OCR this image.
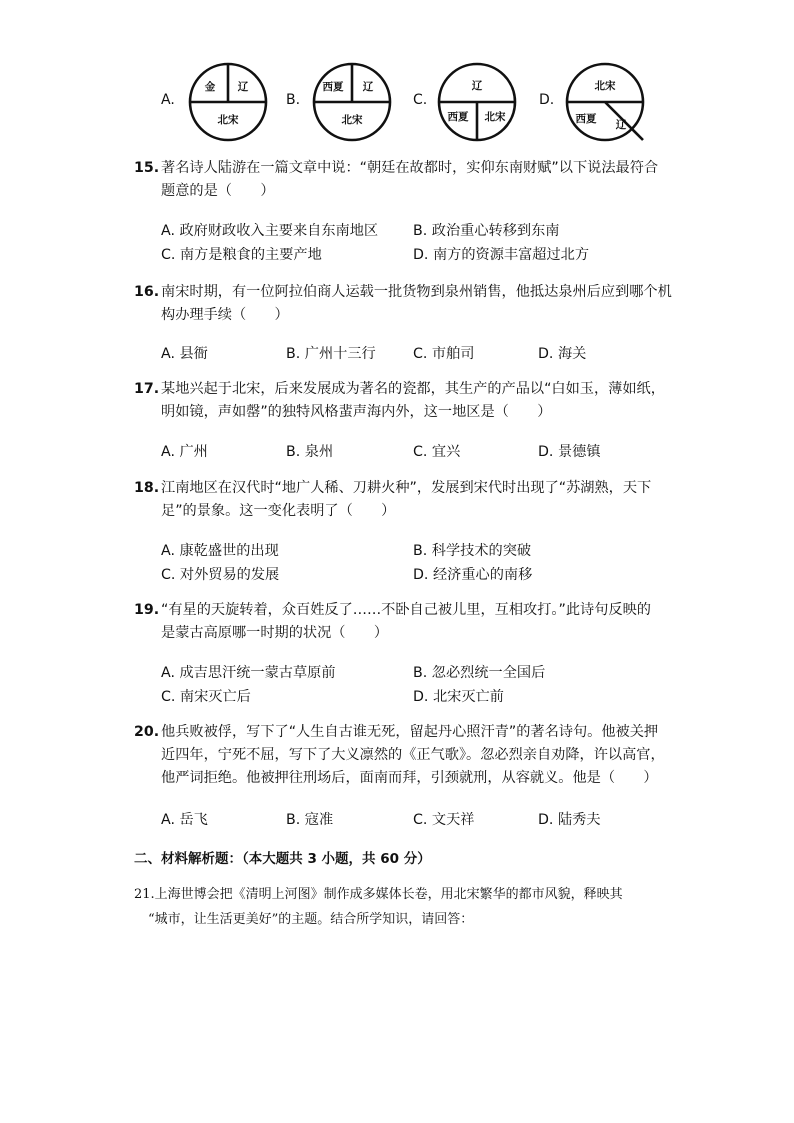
A.
金 辽
北宋
B.
西夏 辽
北宋
C.
辽
西夏 北宋
D.
北宋
西夏 辽
15. 著名诗人陆游在一篇文章中说：“朝廷在故都时，实仰东南财赋”以下说法最符合
题意的是（　　）
A. 政府财政收入主要来自东南地区 B. 政治重心转移到东南
C. 南方是粮食的主要产地	D. 南方的资源丰富超过北方
16. 南宋时期，有一位阿拉伯商人运载一批货物到泉州销售，他抵达泉州后应到哪个机
构办理手续（　　）
A. 县衙	B. 广州十三行	C. 市舶司	D. 海关
17. 某地兴起于北宋，后来发展成为著名的瓷都，其生产的产品以“白如玉，薄如纸，
明如镜，声如罄”的独特风格蜚声海内外，这一地区是（　　）
A. 广州	B. 泉州	C. 宜兴	D. 景德镇
18. 江南地区在汉代时“地广人稀、刀耕火种”，发展到宋代时出现了“苏湖熟，天下
足”的景象。这一变化表明了（　　）
A. 康乾盛世的出现	B. 科学技术的突破
C. 对外贸易的发展	D. 经济重心的南移
19. “有星的天旋转着，众百姓反了……不卧自己被儿里，互相攻打。”此诗句反映的
是蒙古高原哪一时期的状况（　　）
A. 成吉思汗统一蒙古草原前	B. 忽必烈统一全国后
C. 南宋灭亡后	D. 北宋灭亡前
20. 他兵败被俘，写下了“人生自古谁无死，留起丹心照汗青”的著名诗句。他被关押
近四年，宁死不屈，写下了大义凛然的《正气歌》。忽必烈亲自劝降，许以高官，
他严词拒绝。他被押往刑场后，面南而拜，引颈就刑，从容就义。他是（　　）
A. 岳飞	B. 寇准	C. 文天祥	D. 陆秀夫
二、材料解析题：（本大题共 3 小题，共 60 分）
21.上海世博会把《清明上河图》制作成多媒体长卷，用北宋繁华的都市风貌，释映其
“城市，让生活更美好”的主题。结合所学知识，请回答：
